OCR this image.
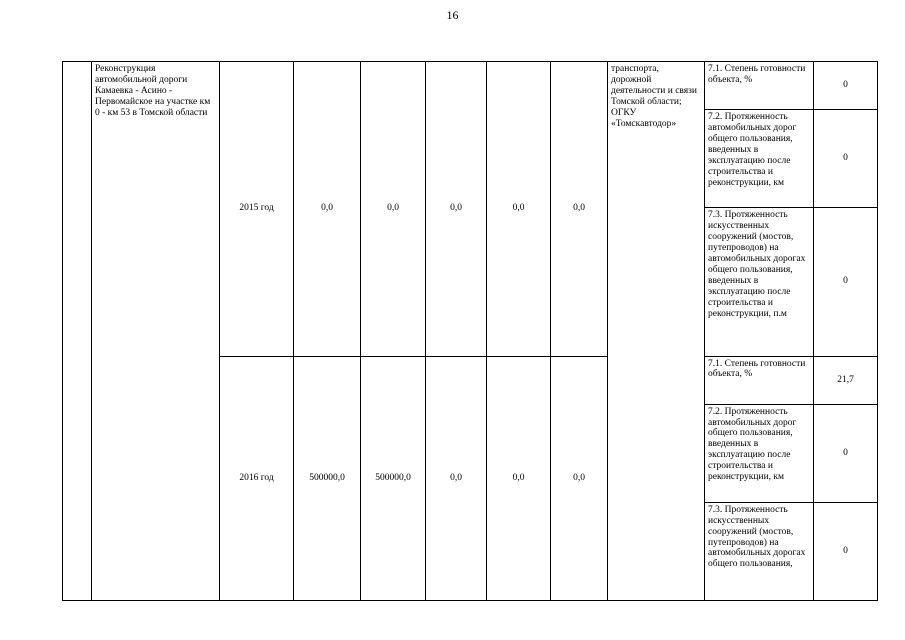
16
	Реконструкция автомобильной дороги Камаевка - Асино - Первомайское на участке км 0 - км 53 в Томской области	2015 год	0,0	0,0	0,0	0,0	0,0	транспорта, дорожной деятельности и связи Томской области; ОГКУ «Томскавтодор»	7.1. Степень готовности объекта, %	0
									7.2. Протяженность автомобильных дорог общего пользования, введенных в эксплуатацию после строительства и реконструкции, км	0
									7.3. Протяженность искусственных сооружений (мостов, путепроводов) на автомобильных дорогах общего пользования, введенных в эксплуатацию после строительства и реконструкции, п.м	0
		2016 год	500000,0	500000,0	0,0	0,0	0,0		7.1. Степень готовности объекта, %	21,7
									7.2. Протяженность автомобильных дорог общего пользования, введенных в эксплуатацию после строительства и реконструкции, км	0
									7.3. Протяженность искусственных сооружений (мостов, путепроводов) на автомобильных дорогах общего пользования,	0
